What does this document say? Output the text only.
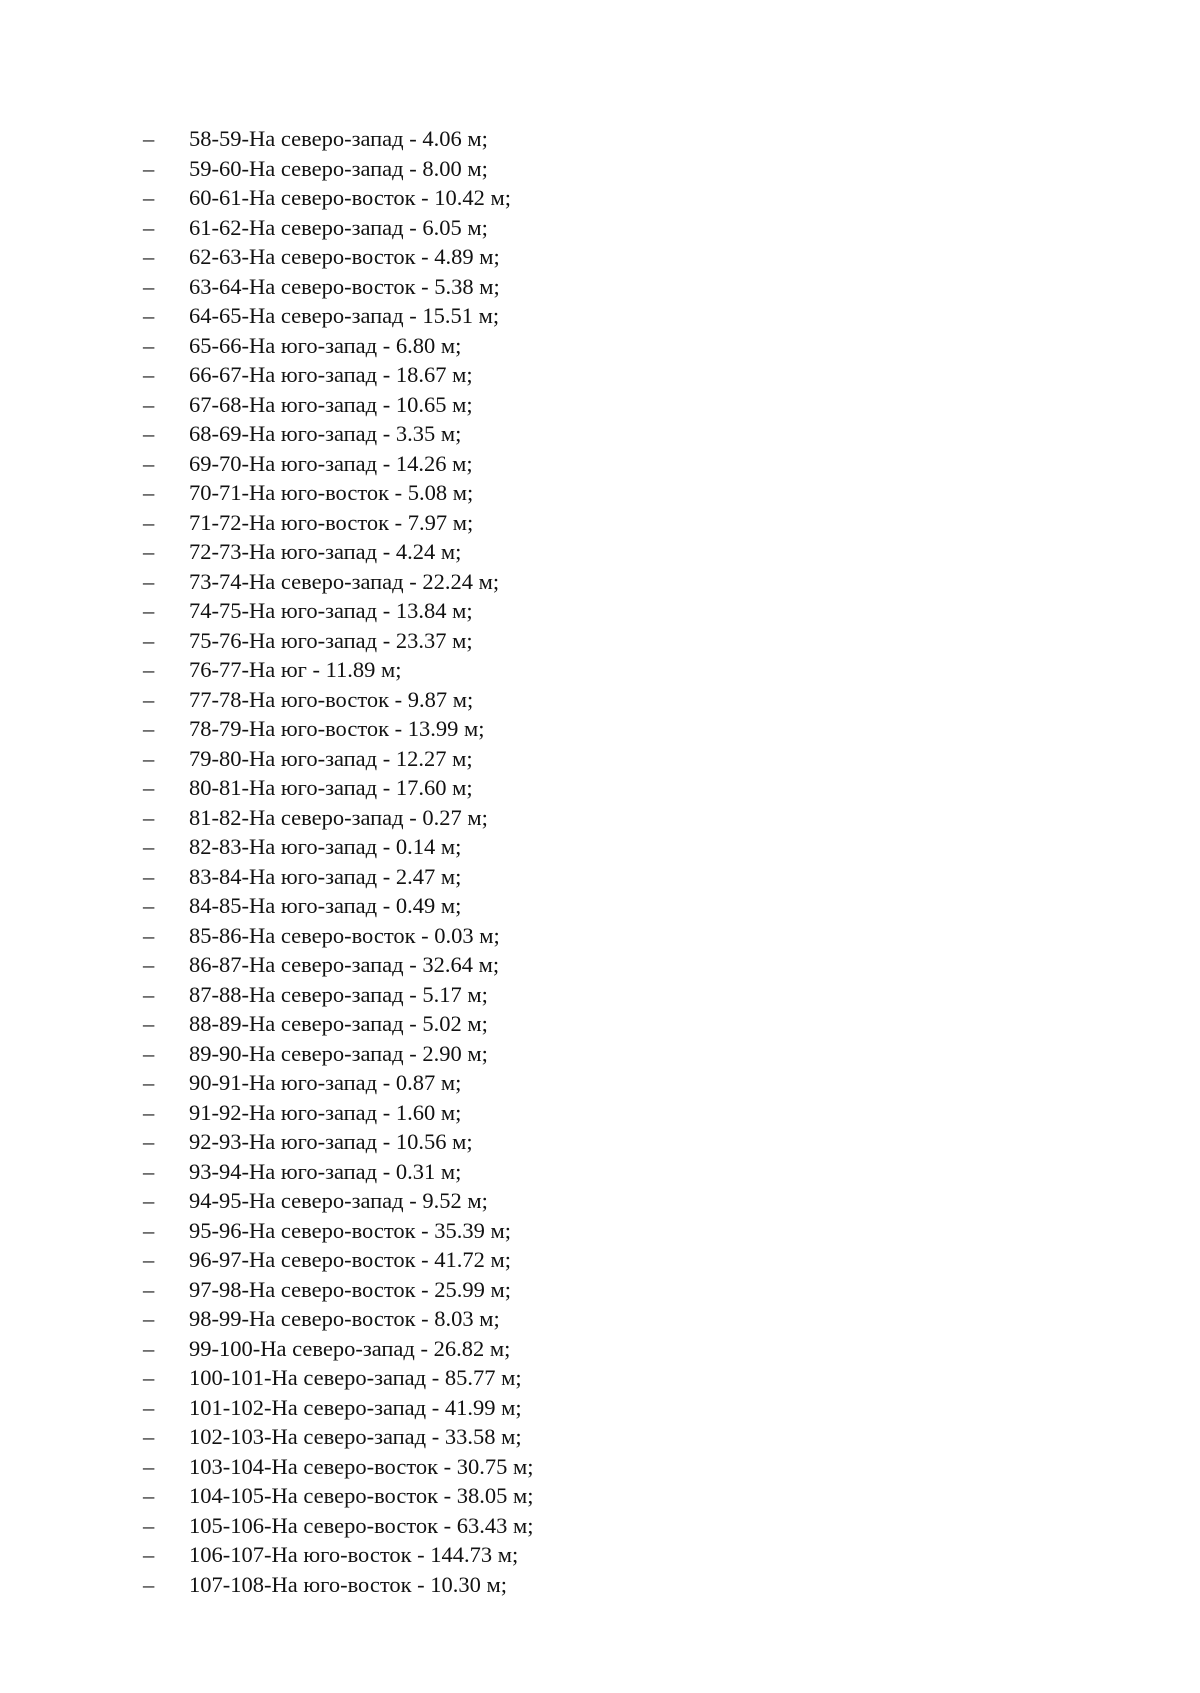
–	58-59-На северо-запад - 4.06 м;
–	59-60-На северо-запад - 8.00 м;
–	60-61-На северо-восток - 10.42 м;
–	61-62-На северо-запад - 6.05 м;
–	62-63-На северо-восток - 4.89 м;
–	63-64-На северо-восток - 5.38 м;
–	64-65-На северо-запад - 15.51 м;
–	65-66-На юго-запад - 6.80 м;
–	66-67-На юго-запад - 18.67 м;
–	67-68-На юго-запад - 10.65 м;
–	68-69-На юго-запад - 3.35 м;
–	69-70-На юго-запад - 14.26 м;
–	70-71-На юго-восток - 5.08 м;
–	71-72-На юго-восток - 7.97 м;
–	72-73-На юго-запад - 4.24 м;
–	73-74-На северо-запад - 22.24 м;
–	74-75-На юго-запад - 13.84 м;
–	75-76-На юго-запад - 23.37 м;
–	76-77-На юг - 11.89 м;
–	77-78-На юго-восток - 9.87 м;
–	78-79-На юго-восток - 13.99 м;
–	79-80-На юго-запад - 12.27 м;
–	80-81-На юго-запад - 17.60 м;
–	81-82-На северо-запад - 0.27 м;
–	82-83-На юго-запад - 0.14 м;
–	83-84-На юго-запад - 2.47 м;
–	84-85-На юго-запад - 0.49 м;
–	85-86-На северо-восток - 0.03 м;
–	86-87-На северо-запад - 32.64 м;
–	87-88-На северо-запад - 5.17 м;
–	88-89-На северо-запад - 5.02 м;
–	89-90-На северо-запад - 2.90 м;
–	90-91-На юго-запад - 0.87 м;
–	91-92-На юго-запад - 1.60 м;
–	92-93-На юго-запад - 10.56 м;
–	93-94-На юго-запад - 0.31 м;
–	94-95-На северо-запад - 9.52 м;
–	95-96-На северо-восток - 35.39 м;
–	96-97-На северо-восток - 41.72 м;
–	97-98-На северо-восток - 25.99 м;
–	98-99-На северо-восток - 8.03 м;
–	99-100-На северо-запад - 26.82 м;
–	100-101-На северо-запад - 85.77 м;
–	101-102-На северо-запад - 41.99 м;
–	102-103-На северо-запад - 33.58 м;
–	103-104-На северо-восток - 30.75 м;
–	104-105-На северо-восток - 38.05 м;
–	105-106-На северо-восток - 63.43 м;
–	106-107-На юго-восток - 144.73 м;
–	107-108-На юго-восток - 10.30 м;
